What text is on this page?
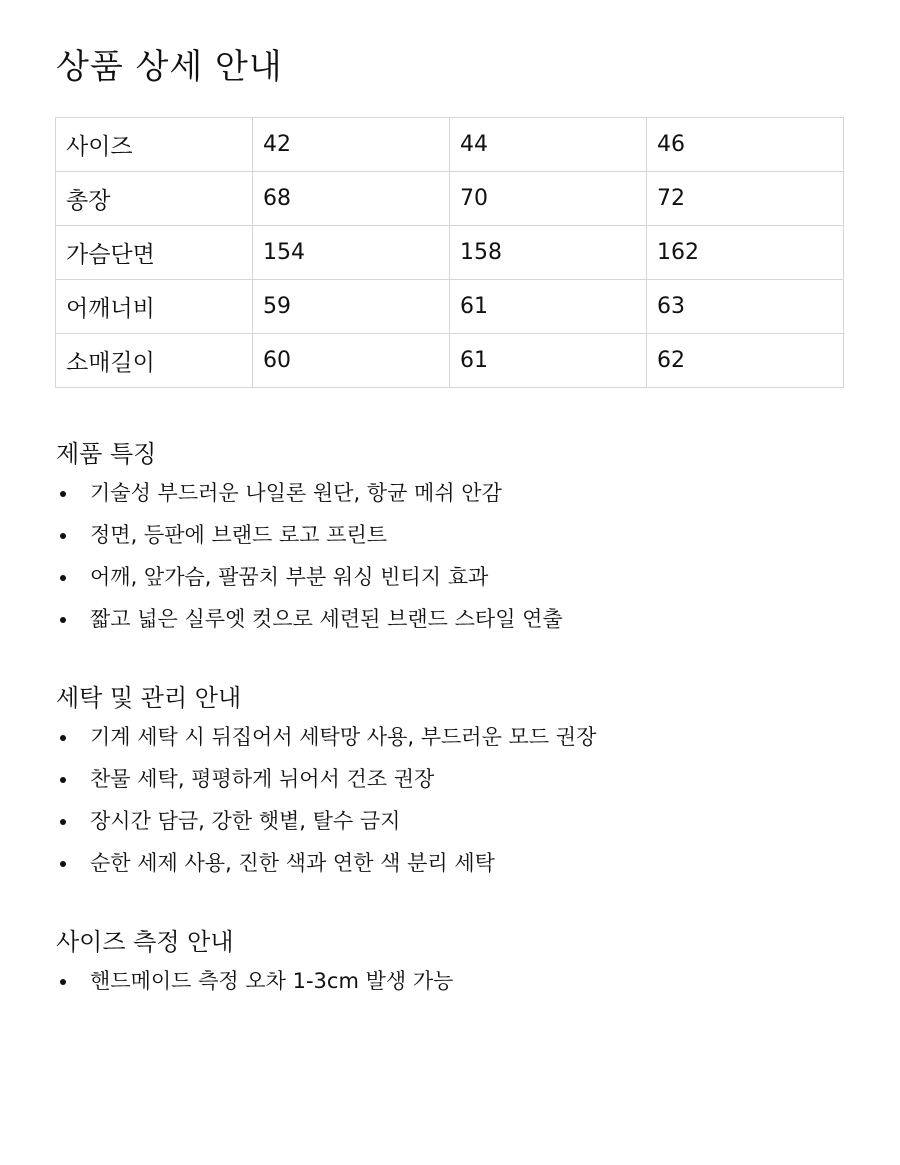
상품 상세 안내
사이즈	42	44	46
총장	68	70	72
가슴단면	154	158	162
어깨너비	59	61	63
소매길이	60	61	62
제품 특징
기술성 부드러운 나일론 원단, 항균 메쉬 안감
정면, 등판에 브랜드 로고 프린트
어깨, 앞가슴, 팔꿈치 부분 워싱 빈티지 효과
짧고 넓은 실루엣 컷으로 세련된 브랜드 스타일 연출
세탁 및 관리 안내
기계 세탁 시 뒤집어서 세탁망 사용, 부드러운 모드 권장
찬물 세탁, 평평하게 뉘어서 건조 권장
장시간 담금, 강한 햇볕, 탈수 금지
순한 세제 사용, 진한 색과 연한 색 분리 세탁
사이즈 측정 안내
핸드메이드 측정 오차 1-3cm 발생 가능
